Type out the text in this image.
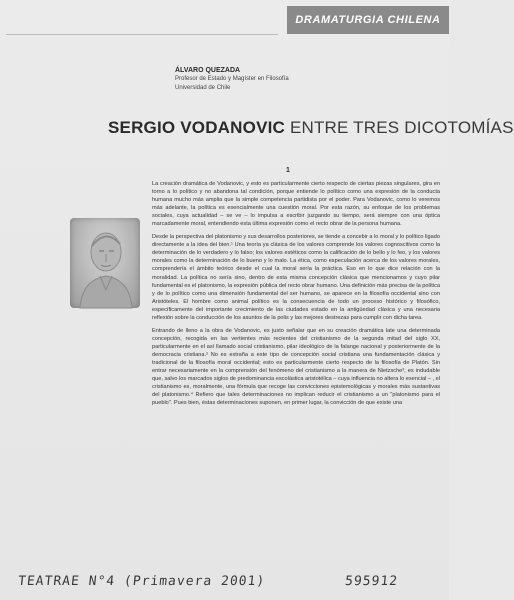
DRAMATURGIA CHILENA
ÁLVARO QUEZADA
Profesor de Estado y Magíster en Filosofía
Universidad de Chile
SERGIO VODANOVIC ENTRE TRES DICOTOMÍAS
1

La creación dramática de Vodanovic, y esto es particularmente cierto respecto de ciertas piezas singulares, gira en torno a lo político y no abandona tal condición, porque entiende lo político como una expresión de la conducta humana mucho más amplia que la simple competencia partidista por el poder. Para Vodanovic, como lo veremos más adelante, la política es esencialmente una cuestión moral. Por esta razón, su enfoque de los problemas sociales, cuya actualidad – se ve – lo impulsa a escribir juzgando su tiempo, será siempre con una óptica marcadamente moral, entendiendo esta última expresión como el recto obrar de la persona humana.

Desde la perspectiva del platonismo y sus desarrollos posteriores, se tiende a concebir a lo moral y lo político ligado directamente a la idea del bien.¹ Una teoría ya clásica de los valores comprende los valores cognoscitivos como la determinación de lo verdadero y lo falso; los valores estéticos como la calificación de lo bello y lo feo, y los valores morales como la determinación de lo bueno y lo malo. La ética, como especulación acerca de los valores morales, comprendería el ámbito teórico desde el cual la moral sería la práctica. Eso en lo que dice relación con la moralidad. La política no sería sino, dentro de esta misma concepción clásica que mencionamos y cuyo pilar fundamental es el platonismo, la expresión pública del recto obrar humano. Una definición más precisa de la política y de lo político como una dimensión fundamental del ser humano, se aparece en la filosofía occidental sino con Aristóteles. El hombre como animal político es la consecuencia de todo un proceso histórico y filosófico, específicamente del importante crecimiento de las ciudades estado en la antigüedad clásica y una necesaria reflexión sobre la conducción de los asuntos de la polis y las mejores destrezas para cumplir con dicha tarea.

Entrando de lleno a la obra de Vodanovic, es justo señalar que en su creación dramática late una determinada concepción, recogida en las vertientes más recientes del cristianismo de la segunda mitad del siglo XX, particularmente en el así llamado social cristianismo, pilar ideológico de la falange nacional y posteriormente de la democracia cristiana.² No es extraña a este tipo de concepción social cristiana una fundamentación clásica y tradicional de la filosofía moral occidental; esto es particularmente cierto respecto de la filosofía de Platón. Sin entrar necesariamente en la comprensión del fenómeno del cristianismo a la manera de Nietzsche³, es indudable que, salvo los marcados siglos de predominancia escolástica aristotélica – cuya influencia no altera lo esencial – , el cristianismo es, moralmente, una fórmula que recoge las convicciones epistemológicas y morales más sustantivas del platonismo.⁴ Refiero que tales determinaciones no implican reducir el cristianismo a un "platonismo para el pueblo". Pues bien, éstas determinaciones suponen, en primer lugar, la convicción de que existe una

TEATRAE N°4 (Primavera 2001)	595912
